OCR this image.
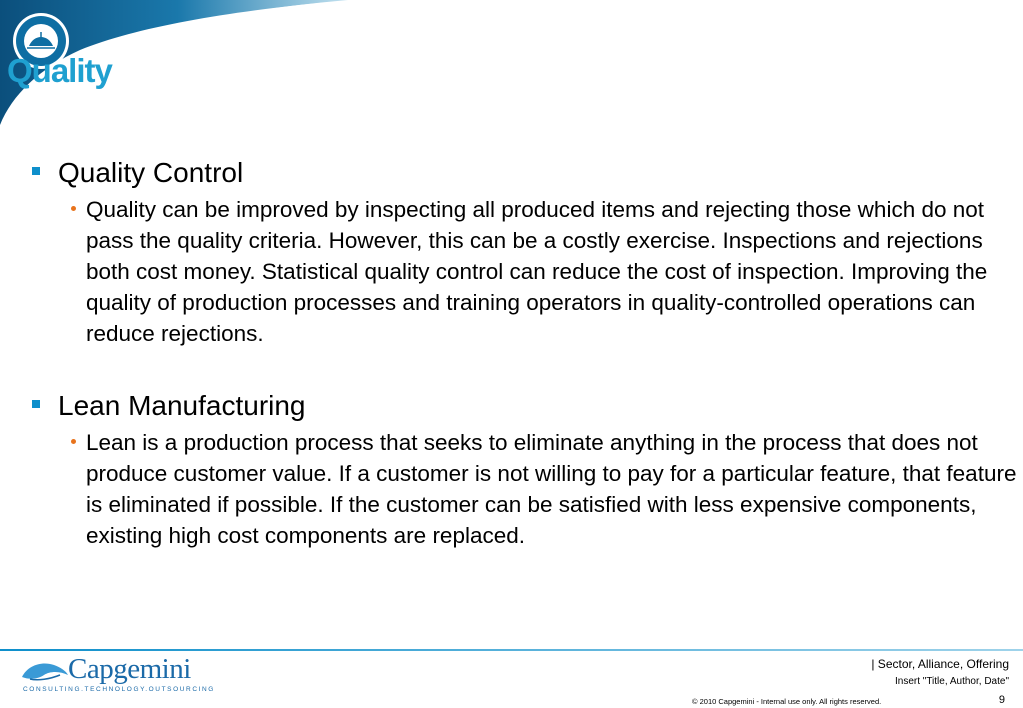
Quality
Quality Control
Quality can be improved by inspecting all produced items and rejecting those which do not pass the quality criteria. However, this can be a costly exercise. Inspections and rejections both cost money. Statistical quality control can reduce the cost of inspection. Improving the quality of production processes and training operators in quality-controlled operations can reduce rejections.
Lean Manufacturing
Lean is a production process that seeks to eliminate anything in the process that does not produce customer value. If a customer is not willing to pay for a particular feature, that feature is eliminated if possible. If the customer can be satisfied with less expensive components, existing high cost components are replaced.
Capgemini
CONSULTING.TECHNOLOGY.OUTSOURCING
| Sector, Alliance, Offering
Insert "Title, Author, Date"
© 2010 Capgemini - Internal use only. All rights reserved.	9
